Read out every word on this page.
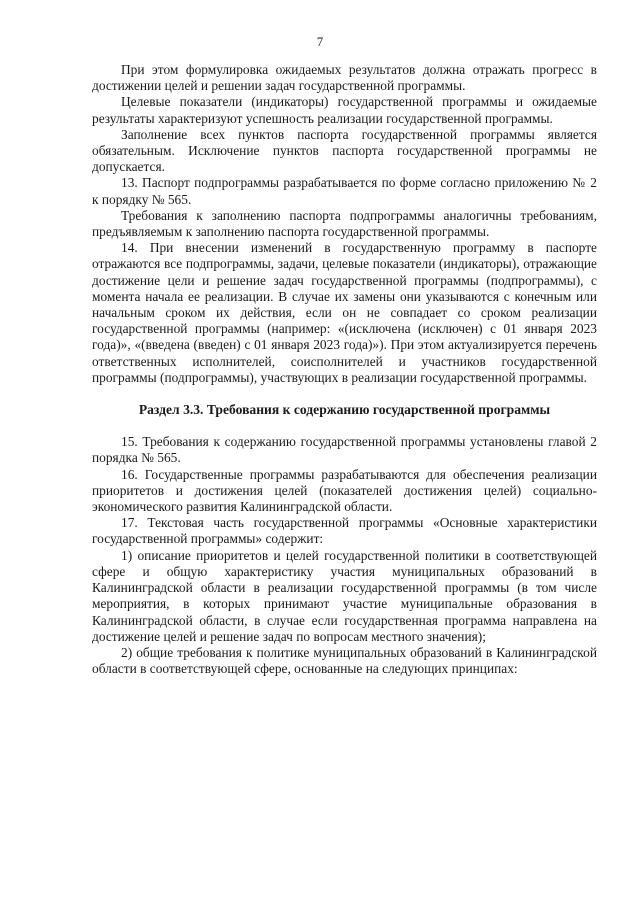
7

При этом формулировка ожидаемых результатов должна отражать прогресс в достижении целей и решении задач государственной программы.

Целевые показатели (индикаторы) государственной программы и ожидаемые результаты характеризуют успешность реализации государственной программы.

Заполнение всех пунктов паспорта государственной программы является обязательным. Исключение пунктов паспорта государственной программы не допускается.

13. Паспорт подпрограммы разрабатывается по форме согласно приложению № 2 к порядку № 565.

Требования к заполнению паспорта подпрограммы аналогичны требованиям, предъявляемым к заполнению паспорта государственной программы.

14. При внесении изменений в государственную программу в паспорте отражаются все подпрограммы, задачи, целевые показатели (индикаторы), отражающие достижение цели и решение задач государственной программы (подпрограммы), с момента начала ее реализации. В случае их замены они указываются с конечным или начальным сроком их действия, если он не совпадает со сроком реализации государственной программы (например: «(исключена (исключен) с 01 января 2023 года)», «(введена (введен) с 01 января 2023 года)»). При этом актуализируется перечень ответственных исполнителей, соисполнителей и участников государственной программы (подпрограммы), участвующих в реализации государственной программы.

Раздел 3.3. Требования к содержанию государственной программы

15. Требования к содержанию государственной программы установлены главой 2 порядка № 565.

16. Государственные программы разрабатываются для обеспечения реализации приоритетов и достижения целей (показателей достижения целей) социально-экономического развития Калининградской области.

17. Текстовая часть государственной программы «Основные характеристики государственной программы» содержит:

1) описание приоритетов и целей государственной политики в соответствующей сфере и общую характеристику участия муниципальных образований в Калининградской области в реализации государственной программы (в том числе мероприятия, в которых принимают участие муниципальные образования в Калининградской области, в случае если государственная программа направлена на достижение целей и решение задач по вопросам местного значения);

2) общие требования к политике муниципальных образований в Калининградской области в соответствующей сфере, основанные на следующих принципах:
